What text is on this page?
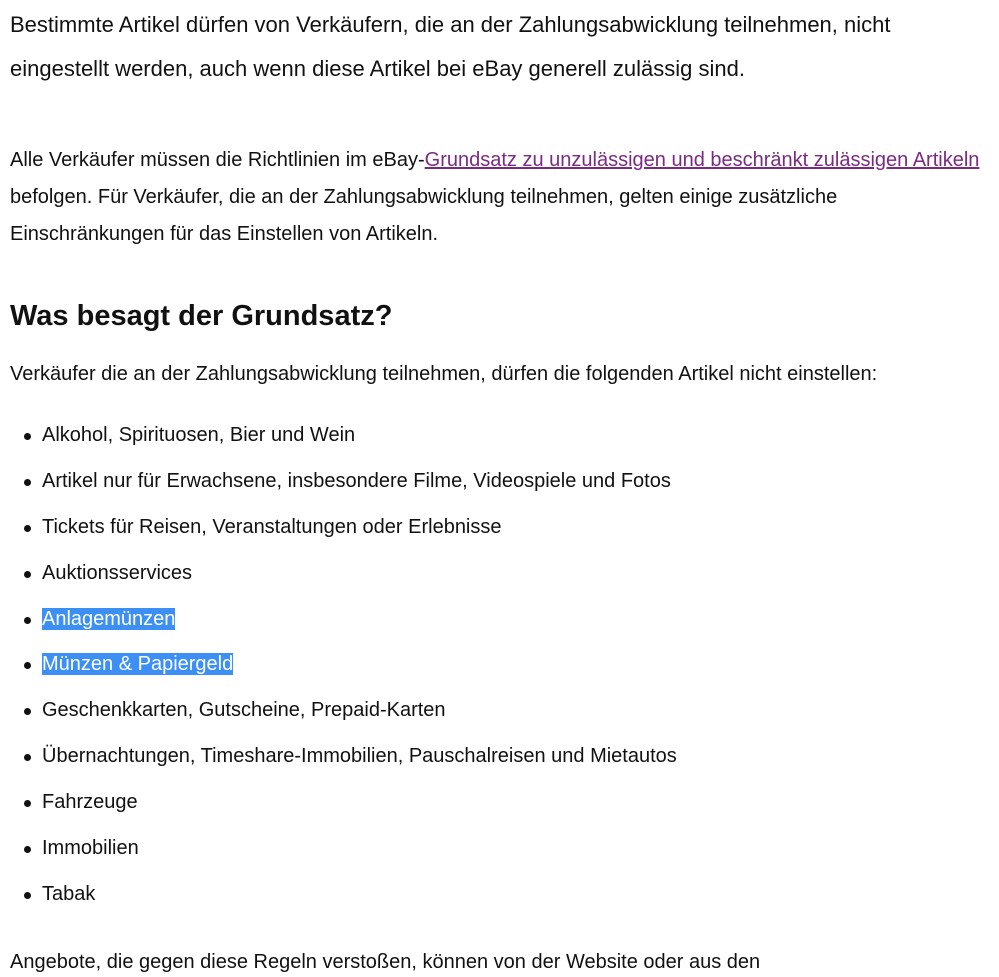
Bestimmte Artikel dürfen von Verkäufern, die an der Zahlungsabwicklung teilnehmen, nicht eingestellt werden, auch wenn diese Artikel bei eBay generell zulässig sind.

Alle Verkäufer müssen die Richtlinien im eBay-Grundsatz zu unzulässigen und beschränkt zulässigen Artikeln befolgen. Für Verkäufer, die an der Zahlungsabwicklung teilnehmen, gelten einige zusätzliche Einschränkungen für das Einstellen von Artikeln.

Was besagt der Grundsatz?

Verkäufer die an der Zahlungsabwicklung teilnehmen, dürfen die folgenden Artikel nicht einstellen:

Alkohol, Spirituosen, Bier und Wein
Artikel nur für Erwachsene, insbesondere Filme, Videospiele und Fotos
Tickets für Reisen, Veranstaltungen oder Erlebnisse
Auktionsservices
Anlagemünzen
Münzen & Papiergeld
Geschenkkarten, Gutscheine, Prepaid-Karten
Übernachtungen, Timeshare-Immobilien, Pauschalreisen und Mietautos
Fahrzeuge
Immobilien
Tabak

Angebote, die gegen diese Regeln verstoßen, können von der Website oder aus den
